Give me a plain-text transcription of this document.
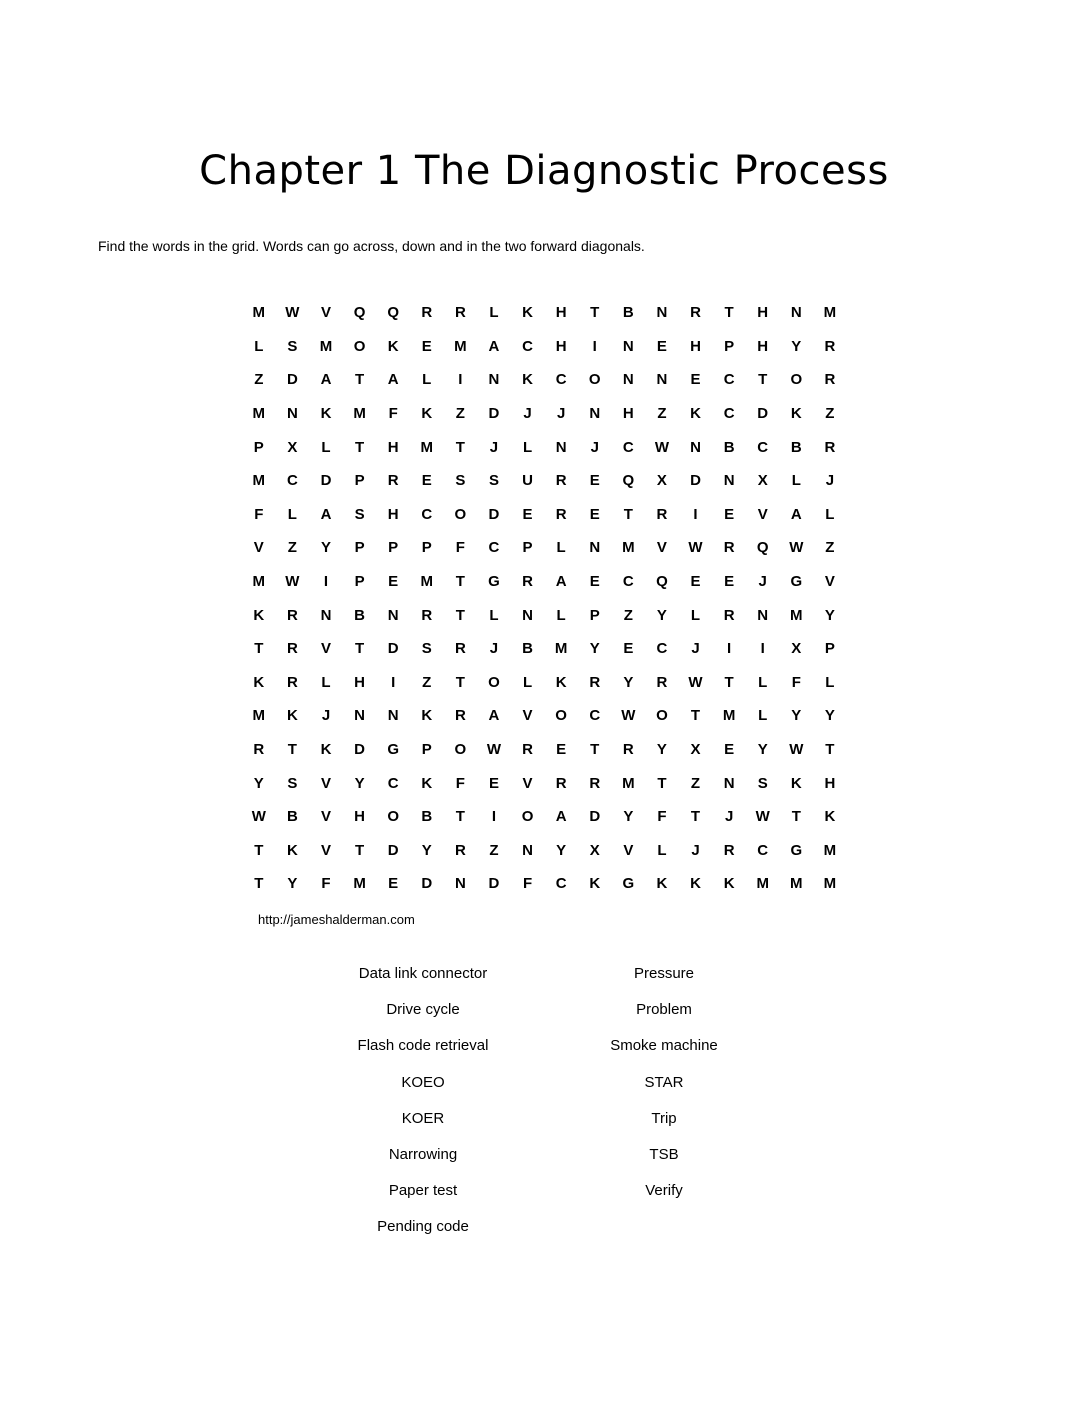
Chapter 1 The Diagnostic Process

Find the words in the grid. Words can go across, down and in the two forward diagonals.

M	W	V	Q	Q	R	R	L	K	H	T	B	N	R	T	H	N	M
L	S	M	O	K	E	M	A	C	H	I	N	E	H	P	H	Y	R
Z	D	A	T	A	L	I	N	K	C	O	N	N	E	C	T	O	R
M	N	K	M	F	K	Z	D	J	J	N	H	Z	K	C	D	K	Z
P	X	L	T	H	M	T	J	L	N	J	C	W	N	B	C	B	R
M	C	D	P	R	E	S	S	U	R	E	Q	X	D	N	X	L	J
F	L	A	S	H	C	O	D	E	R	E	T	R	I	E	V	A	L
V	Z	Y	P	P	P	F	C	P	L	N	M	V	W	R	Q	W	Z
M	W	I	P	E	M	T	G	R	A	E	C	Q	E	E	J	G	V
K	R	N	B	N	R	T	L	N	L	P	Z	Y	L	R	N	M	Y
T	R	V	T	D	S	R	J	B	M	Y	E	C	J	I	I	X	P
K	R	L	H	I	Z	T	O	L	K	R	Y	R	W	T	L	F	L
M	K	J	N	N	K	R	A	V	O	C	W	O	T	M	L	Y	Y
R	T	K	D	G	P	O	W	R	E	T	R	Y	X	E	Y	W	T
Y	S	V	Y	C	K	F	E	V	R	R	M	T	Z	N	S	K	H
W	B	V	H	O	B	T	I	O	A	D	Y	F	T	J	W	T	K
T	K	V	T	D	Y	R	Z	N	Y	X	V	L	J	R	C	G	M
T	Y	F	M	E	D	N	D	F	C	K	G	K	K	K	M	M	M
http://jameshalderman.com
Data link connector
Drive cycle
Flash code retrieval
KOEO
KOER
Narrowing
Paper test
Pending code
Pressure
Problem
Smoke machine
STAR
Trip
TSB
Verify
